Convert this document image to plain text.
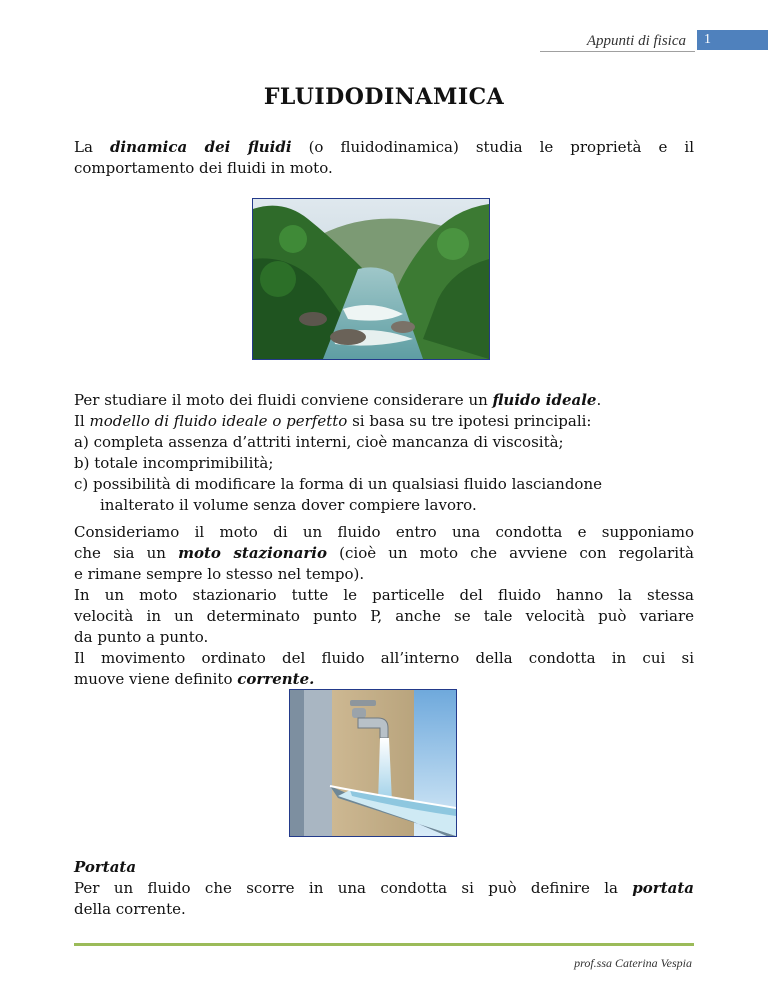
Appunti di fisica	1
FLUIDODINAMICA
La dinamica dei fluidi (o fluidodinamica) studia le proprietà e il
comportamento dei fluidi in moto.
Per studiare il moto dei fluidi conviene considerare un fluido ideale.
Il modello di fluido ideale o perfetto si basa su tre ipotesi principali:
a) completa assenza d’attriti interni, cioè mancanza di viscosità;
b) totale incomprimibilità;
c) possibilità di modificare la forma di un qualsiasi fluido lasciandone
inalterato il volume senza dover compiere lavoro.
Consideriamo il moto di un fluido entro una condotta e supponiamo
che sia un moto stazionario (cioè un moto che avviene con regolarità
e rimane sempre lo stesso nel tempo).
In un moto stazionario tutte le particelle del fluido hanno la stessa
velocità in un determinato punto P, anche se tale velocità può variare
da punto a punto.
Il movimento ordinato del fluido all’interno della condotta in cui si
muove viene definito corrente.
Portata
Per un fluido che scorre in una condotta si può definire la portata
della corrente.
prof.ssa Caterina Vespia
